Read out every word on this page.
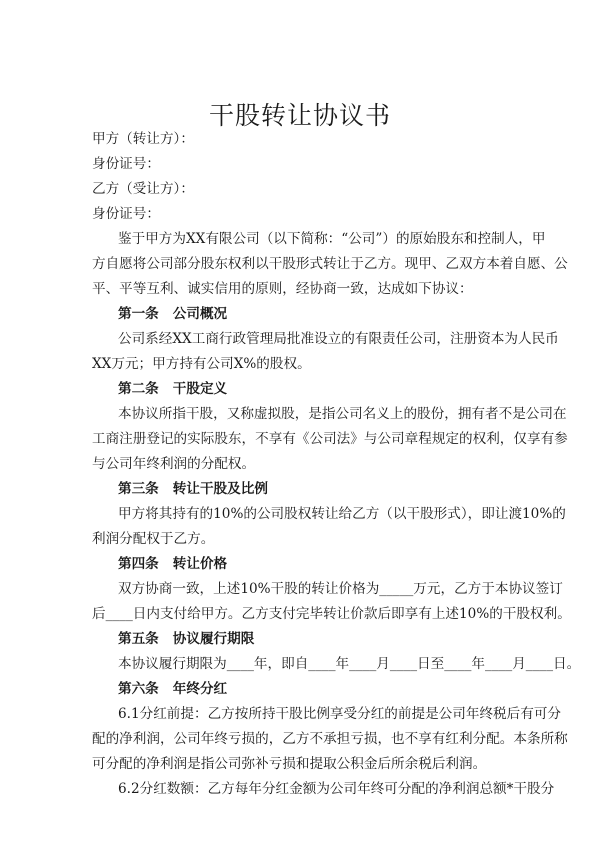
干股转让协议书
甲方（转让方）：
身份证号：
乙方（受让方）：
身份证号：
鉴于甲方为XX有限公司（以下简称：“公司”）的原始股东和控制人，甲
方自愿将公司部分股东权利以干股形式转让于乙方。现甲、乙双方本着自愿、公
平、平等互利、诚实信用的原则，经协商一致，达成如下协议：
第一条 公司概况
公司系经XX工商行政管理局批准设立的有限责任公司，注册资本为人民币
XX万元；甲方持有公司X%的股权。
第二条 干股定义
本协议所指干股，又称虚拟股，是指公司名义上的股份，拥有者不是公司在
工商注册登记的实际股东，不享有《公司法》与公司章程规定的权利，仅享有参
与公司年终利润的分配权。
第三条 转让干股及比例
甲方将其持有的10%的公司股权转让给乙方（以干股形式），即让渡10%的
利润分配权于乙方。
第四条 转让价格
双方协商一致，上述10%干股的转让价格为_____万元，乙方于本协议签订
后____日内支付给甲方。乙方支付完毕转让价款后即享有上述10%的干股权利。
第五条 协议履行期限
本协议履行期限为____年，即自____年____月____日至____年____月____日。
第六条 年终分红
6.1分红前提：乙方按所持干股比例享受分红的前提是公司年终税后有可分
配的净利润，公司年终亏损的，乙方不承担亏损，也不享有红利分配。本条所称
可分配的净利润是指公司弥补亏损和提取公积金后所余税后利润。
6.2分红数额：乙方每年分红金额为公司年终可分配的净利润总额*干股分
